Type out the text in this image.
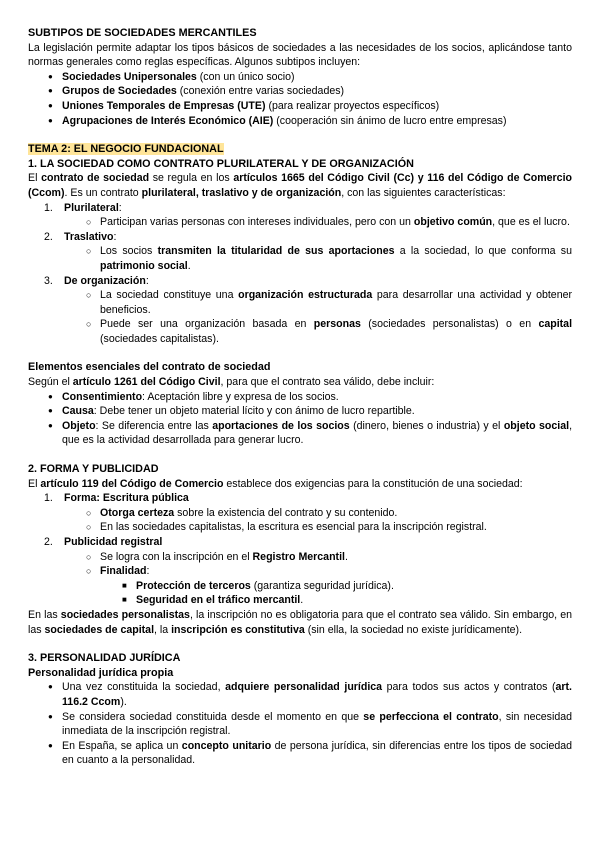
SUBTIPOS DE SOCIEDADES MERCANTILES

La legislación permite adaptar los tipos básicos de sociedades a las necesidades de los socios, aplicándose tanto normas generales como reglas específicas. Algunos subtipos incluyen:

● Sociedades Unipersonales (con un único socio)
● Grupos de Sociedades (conexión entre varias sociedades)
● Uniones Temporales de Empresas (UTE) (para realizar proyectos específicos)
● Agrupaciones de Interés Económico (AIE) (cooperación sin ánimo de lucro entre empresas)
TEMA 2: EL NEGOCIO FUNDACIONAL
1. LA SOCIEDAD COMO CONTRATO PLURILATERAL Y DE ORGANIZACIÓN

El contrato de sociedad se regula en los artículos 1665 del Código Civil (Cc) y 116 del Código de Comercio (Ccom). Es un contrato plurilateral, traslativo y de organización, con las siguientes características:

1. Plurilateral:
○ Participan varias personas con intereses individuales, pero con un objetivo común, que es el lucro.
2. Traslativo:
○ Los socios transmiten la titularidad de sus aportaciones a la sociedad, lo que conforma su patrimonio social.
3. De organización:
○ La sociedad constituye una organización estructurada para desarrollar una actividad y obtener beneficios.
○ Puede ser una organización basada en personas (sociedades personalistas) o en capital (sociedades capitalistas).
Elementos esenciales del contrato de sociedad

Según el artículo 1261 del Código Civil, para que el contrato sea válido, debe incluir:

● Consentimiento: Aceptación libre y expresa de los socios.
● Causa: Debe tener un objeto material lícito y con ánimo de lucro repartible.
● Objeto: Se diferencia entre las aportaciones de los socios (dinero, bienes o industria) y el objeto social, que es la actividad desarrollada para generar lucro.
2. FORMA Y PUBLICIDAD

El artículo 119 del Código de Comercio establece dos exigencias para la constitución de una sociedad:

1. Forma: Escritura pública
○ Otorga certeza sobre la existencia del contrato y su contenido.
○ En las sociedades capitalistas, la escritura es esencial para la inscripción registral.
2. Publicidad registral
○ Se logra con la inscripción en el Registro Mercantil.
○ Finalidad:
■ Protección de terceros (garantiza seguridad jurídica).
■ Seguridad en el tráfico mercantil.

En las sociedades personalistas, la inscripción no es obligatoria para que el contrato sea válido. Sin embargo, en las sociedades de capital, la inscripción es constitutiva (sin ella, la sociedad no existe jurídicamente).

3. PERSONALIDAD JURÍDICA
Personalidad jurídica propia
● Una vez constituida la sociedad, adquiere personalidad jurídica para todos sus actos y contratos (art. 116.2 Ccom).
● Se considera sociedad constituida desde el momento en que se perfecciona el contrato, sin necesidad inmediata de la inscripción registral.
● En España, se aplica un concepto unitario de persona jurídica, sin diferencias entre los tipos de sociedad en cuanto a la personalidad.
